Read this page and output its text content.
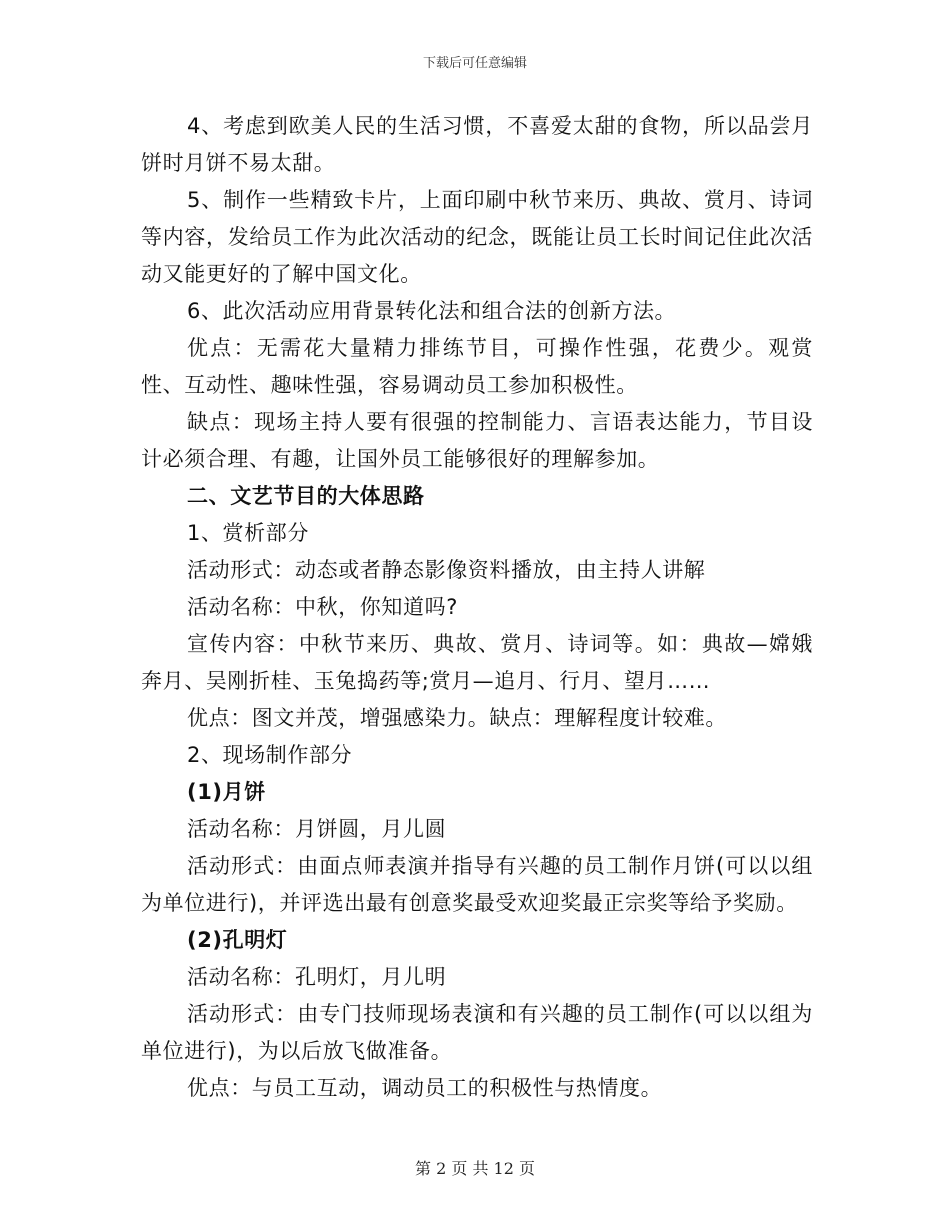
下载后可任意编辑

4、考虑到欧美人民的生活习惯，不喜爱太甜的食物，所以品尝月饼时月饼不易太甜。

5、制作一些精致卡片，上面印刷中秋节来历、典故、赏月、诗词等内容，发给员工作为此次活动的纪念，既能让员工长时间记住此次活动又能更好的了解中国文化。

6、此次活动应用背景转化法和组合法的创新方法。

优点：无需花大量精力排练节目，可操作性强，花费少。观赏性、互动性、趣味性强，容易调动员工参加积极性。

缺点：现场主持人要有很强的控制能力、言语表达能力，节目设计必须合理、有趣，让国外员工能够很好的理解参加。

二、文艺节目的大体思路

1、赏析部分

活动形式：动态或者静态影像资料播放，由主持人讲解

活动名称：中秋，你知道吗?

宣传内容：中秋节来历、典故、赏月、诗词等。如：典故—嫦娥奔月、吴刚折桂、玉兔捣药等;赏月—追月、行月、望月……

优点：图文并茂，增强感染力。缺点：理解程度计较难。

2、现场制作部分

(1)月饼

活动名称：月饼圆，月儿圆

活动形式：由面点师表演并指导有兴趣的员工制作月饼(可以以组为单位进行)，并评选出最有创意奖最受欢迎奖最正宗奖等给予奖励。

(2)孔明灯

活动名称：孔明灯，月儿明

活动形式：由专门技师现场表演和有兴趣的员工制作(可以以组为单位进行)，为以后放飞做准备。

优点：与员工互动，调动员工的积极性与热情度。

第 2 页 共 12 页
